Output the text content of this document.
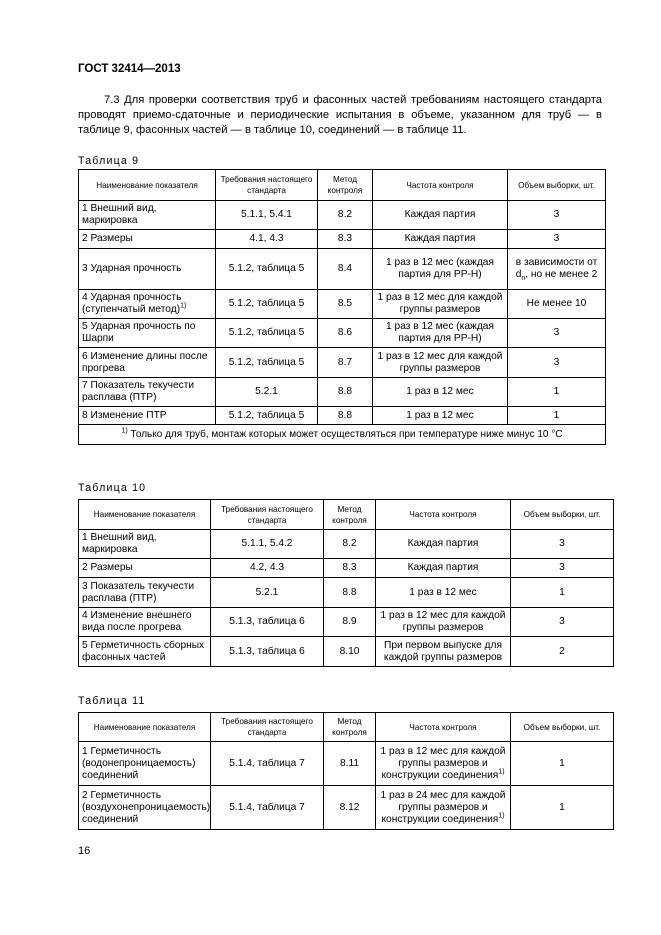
ГОСТ 32414—2013
7.3 Для проверки соответствия труб и фасонных частей требованиям настоящего стандарта проводят приемо-сдаточные и периодические испытания в объеме, указанном для труб — в таблице 9, фасонных частей — в таблице 10, соединений — в таблице 11.
Таблица 9
Наименование показателя	Требования настоящего стандарта	Метод контроля	Частота контроля	Объем выборки, шт.
1 Внешний вид, маркировка	5.1.1, 5.4.1	8.2	Каждая партия	3
2 Размеры	4.1, 4.3	8.3	Каждая партия	3
3 Ударная прочность	5.1.2, таблица 5	8.4	1 раз в 12 мес (каждая партия для PP-H)	в зависимости от $d_n$, но не менее 2
4 Ударная прочность (ступенчатый метод)$^{1)}$	5.1.2, таблица 5	8.5	1 раз в 12 мес для каждой группы размеров	Не менее 10
5 Ударная прочность по Шарпи	5.1.2, таблица 5	8.6	1 раз в 12 мес (каждая партия для PP-H)	3
6 Изменение длины после прогрева	5.1.2, таблица 5	8.7	1 раз в 12 мес для каждой группы размеров	3
7 Показатель текучести расплава (ПТР)	5.2.1	8.8	1 раз в 12 мес	1
8 Изменение ПТР	5.1.2, таблица 5	8.8	1 раз в 12 мес	1
$^{1)}$ Только для труб, монтаж которых может осуществляться при температуре ниже минус 10 °С				
Таблица 10
Наименование показателя	Требования настоящего стандарта	Метод контроля	Частота контроля	Объем выборки, шт.
1 Внешний вид, маркировка	5.1.1, 5.4.2	8.2	Каждая партия	3
2 Размеры	4.2, 4.3	8.3	Каждая партия	3
3 Показатель текучести расплава (ПТР)	5.2.1	8.8	1 раз в 12 мес	1
4 Изменение внешнего вида после прогрева	5.1.3, таблица 6	8.9	1 раз в 12 мес для каждой группы размеров	3
5 Герметичность сборных фасонных частей	5.1.3, таблица 6	8.10	При первом выпуске для каждой группы размеров	2
Таблица 11
Наименование показателя	Требования настоящего стандарта	Метод контроля	Частота контроля	Объем выборки, шт.
1 Герметичность (водонепроницаемость) соединений	5.1.4, таблица 7	8.11	1 раз в 12 мес для каждой группы размеров и конструкции соединения$^{1)}$	1
2 Герметичность (воздухонепроницаемость) соединений	5.1.4, таблица 7	8.12	1 раз в 24 мес для каждой группы размеров и конструкции соединения$^{1)}$	1
16
